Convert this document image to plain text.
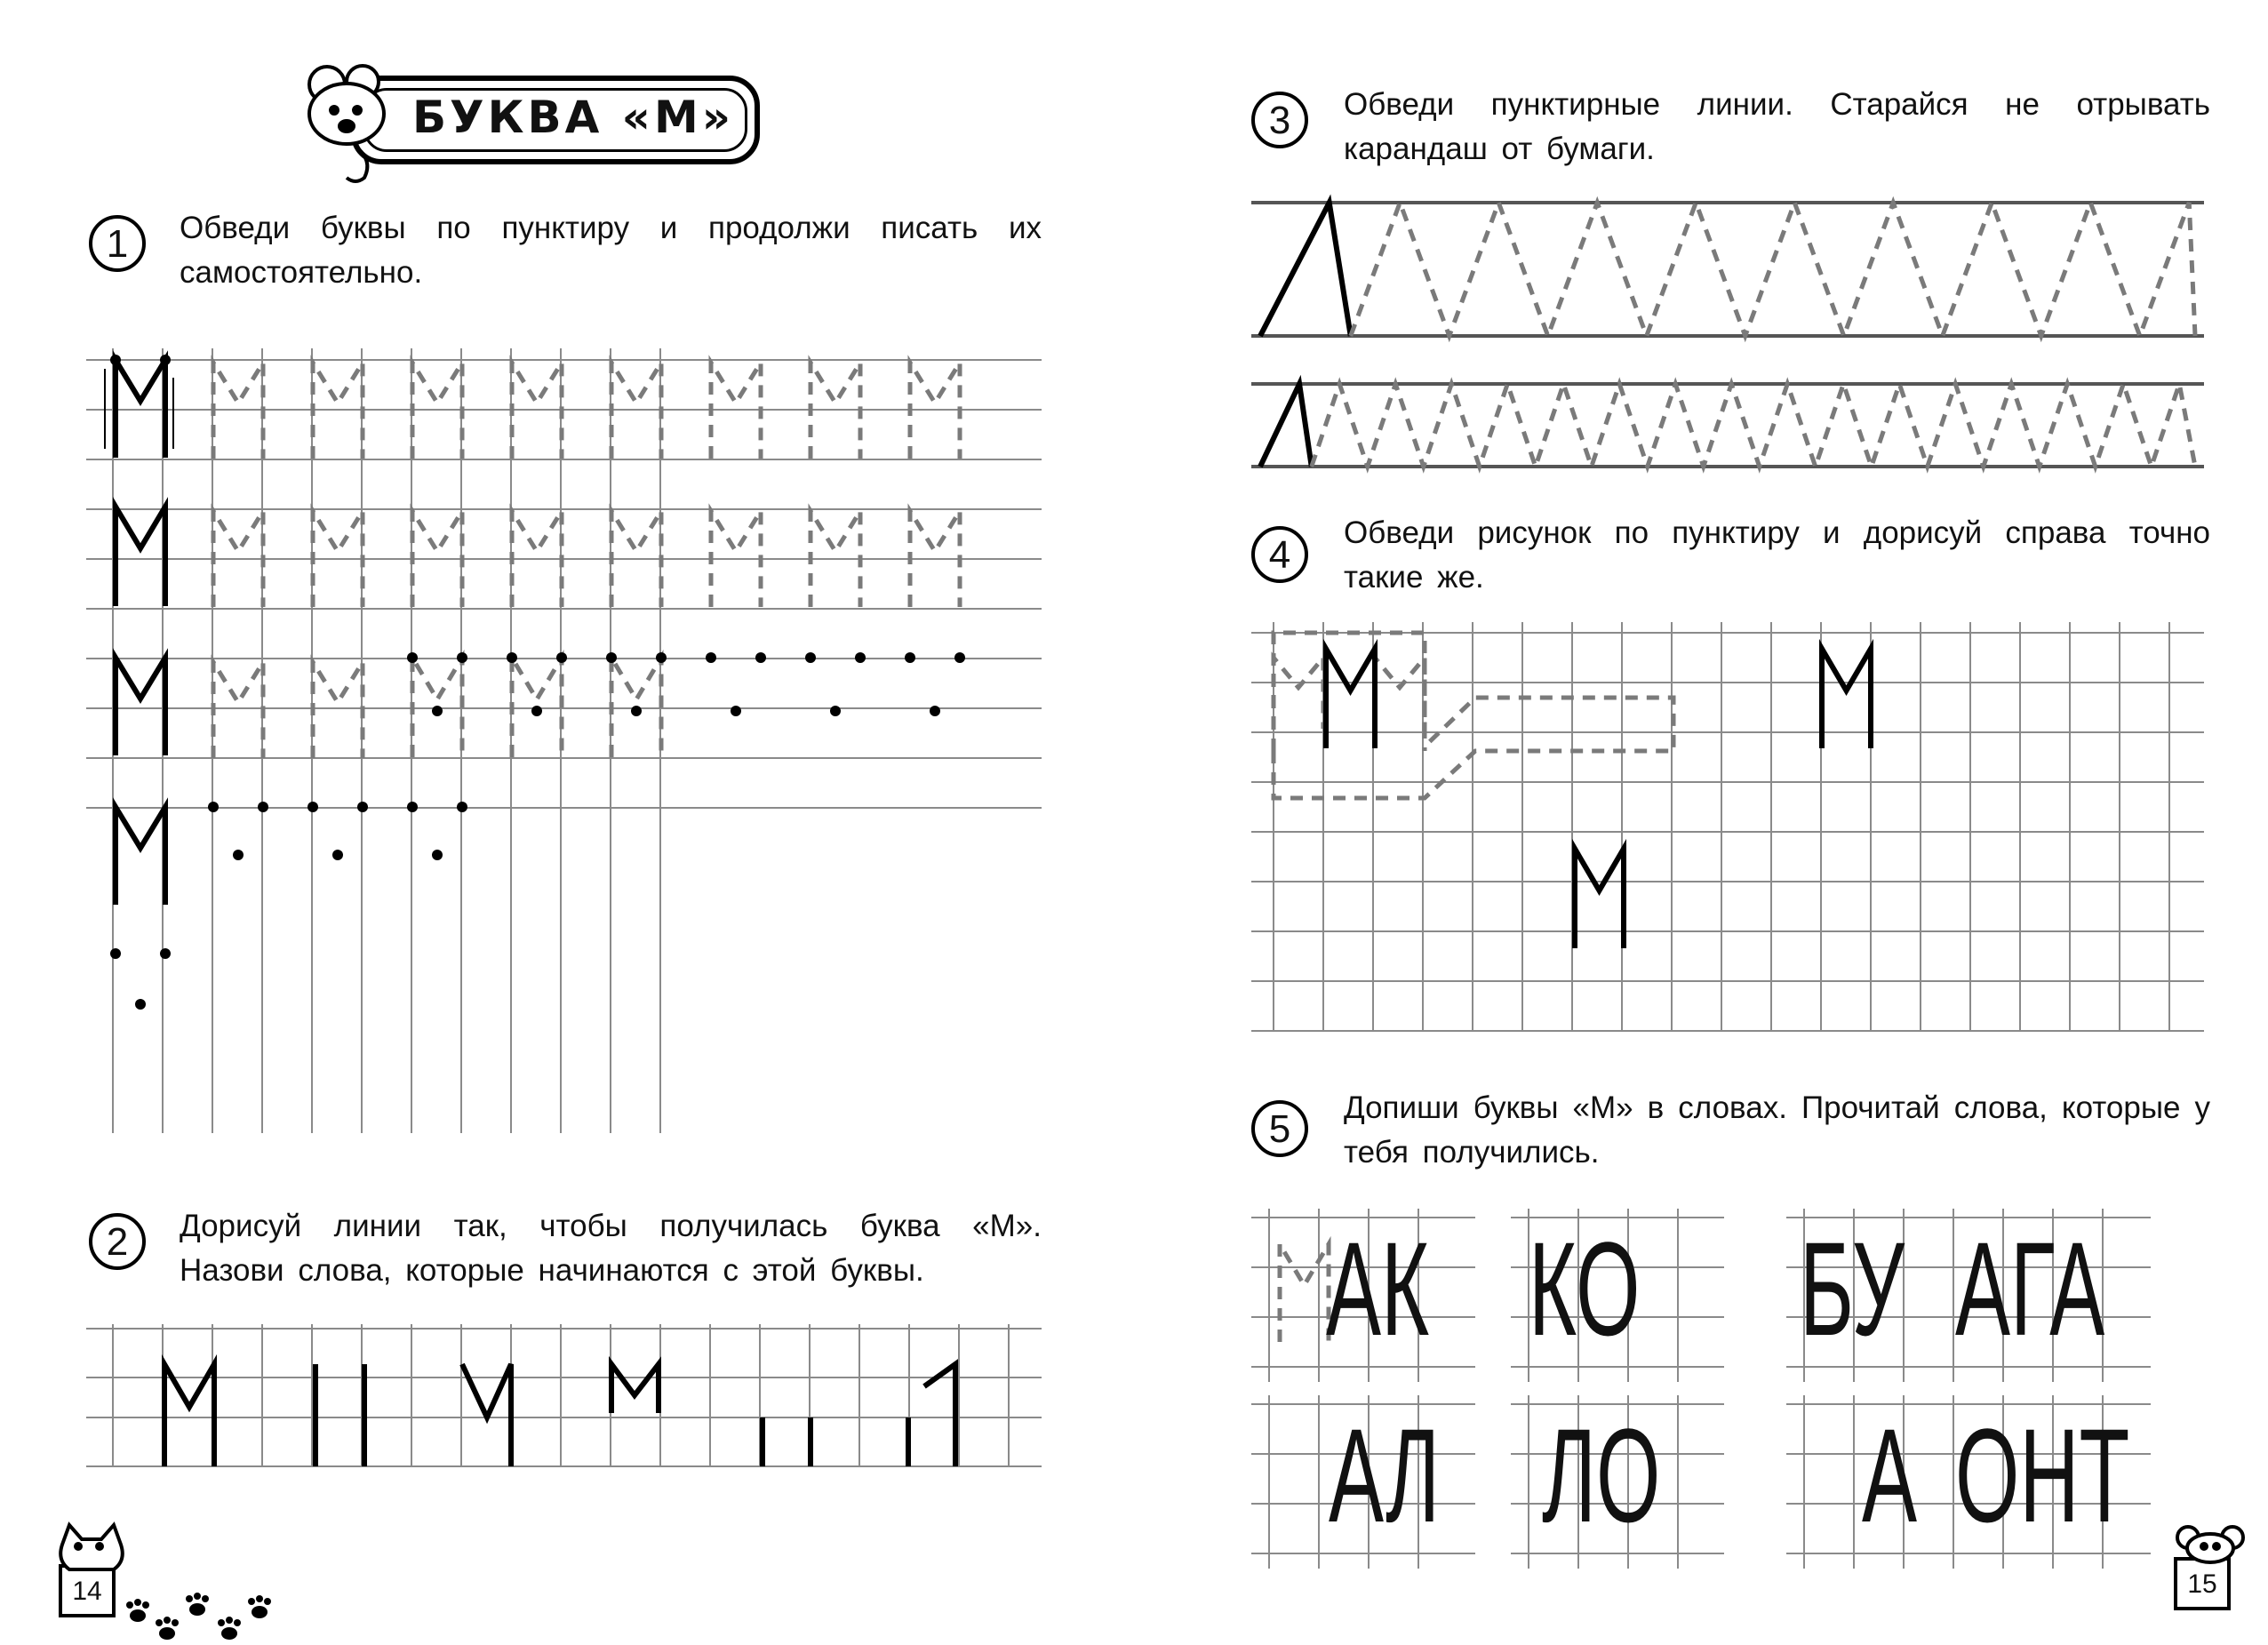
БУКВА «М»
1	Обведи буквы по пунктиру и продолжи писать их самостоятельно.
2	Дорисуй линии так, чтобы получилась буква «М». Назови слова, которые начинаются с этой буквы.
14
3	Обведи пунктирные линии. Старайся не отрывать карандаш от бумаги.
4
Обведи рисунок по пунктиру и дорисуй справа точно такие же.
5	Допиши буквы «М» в словах. Прочитай слова, которые у тебя получились.
15
АК КО БУ АГА
АЛ ЛО А ОНТ
